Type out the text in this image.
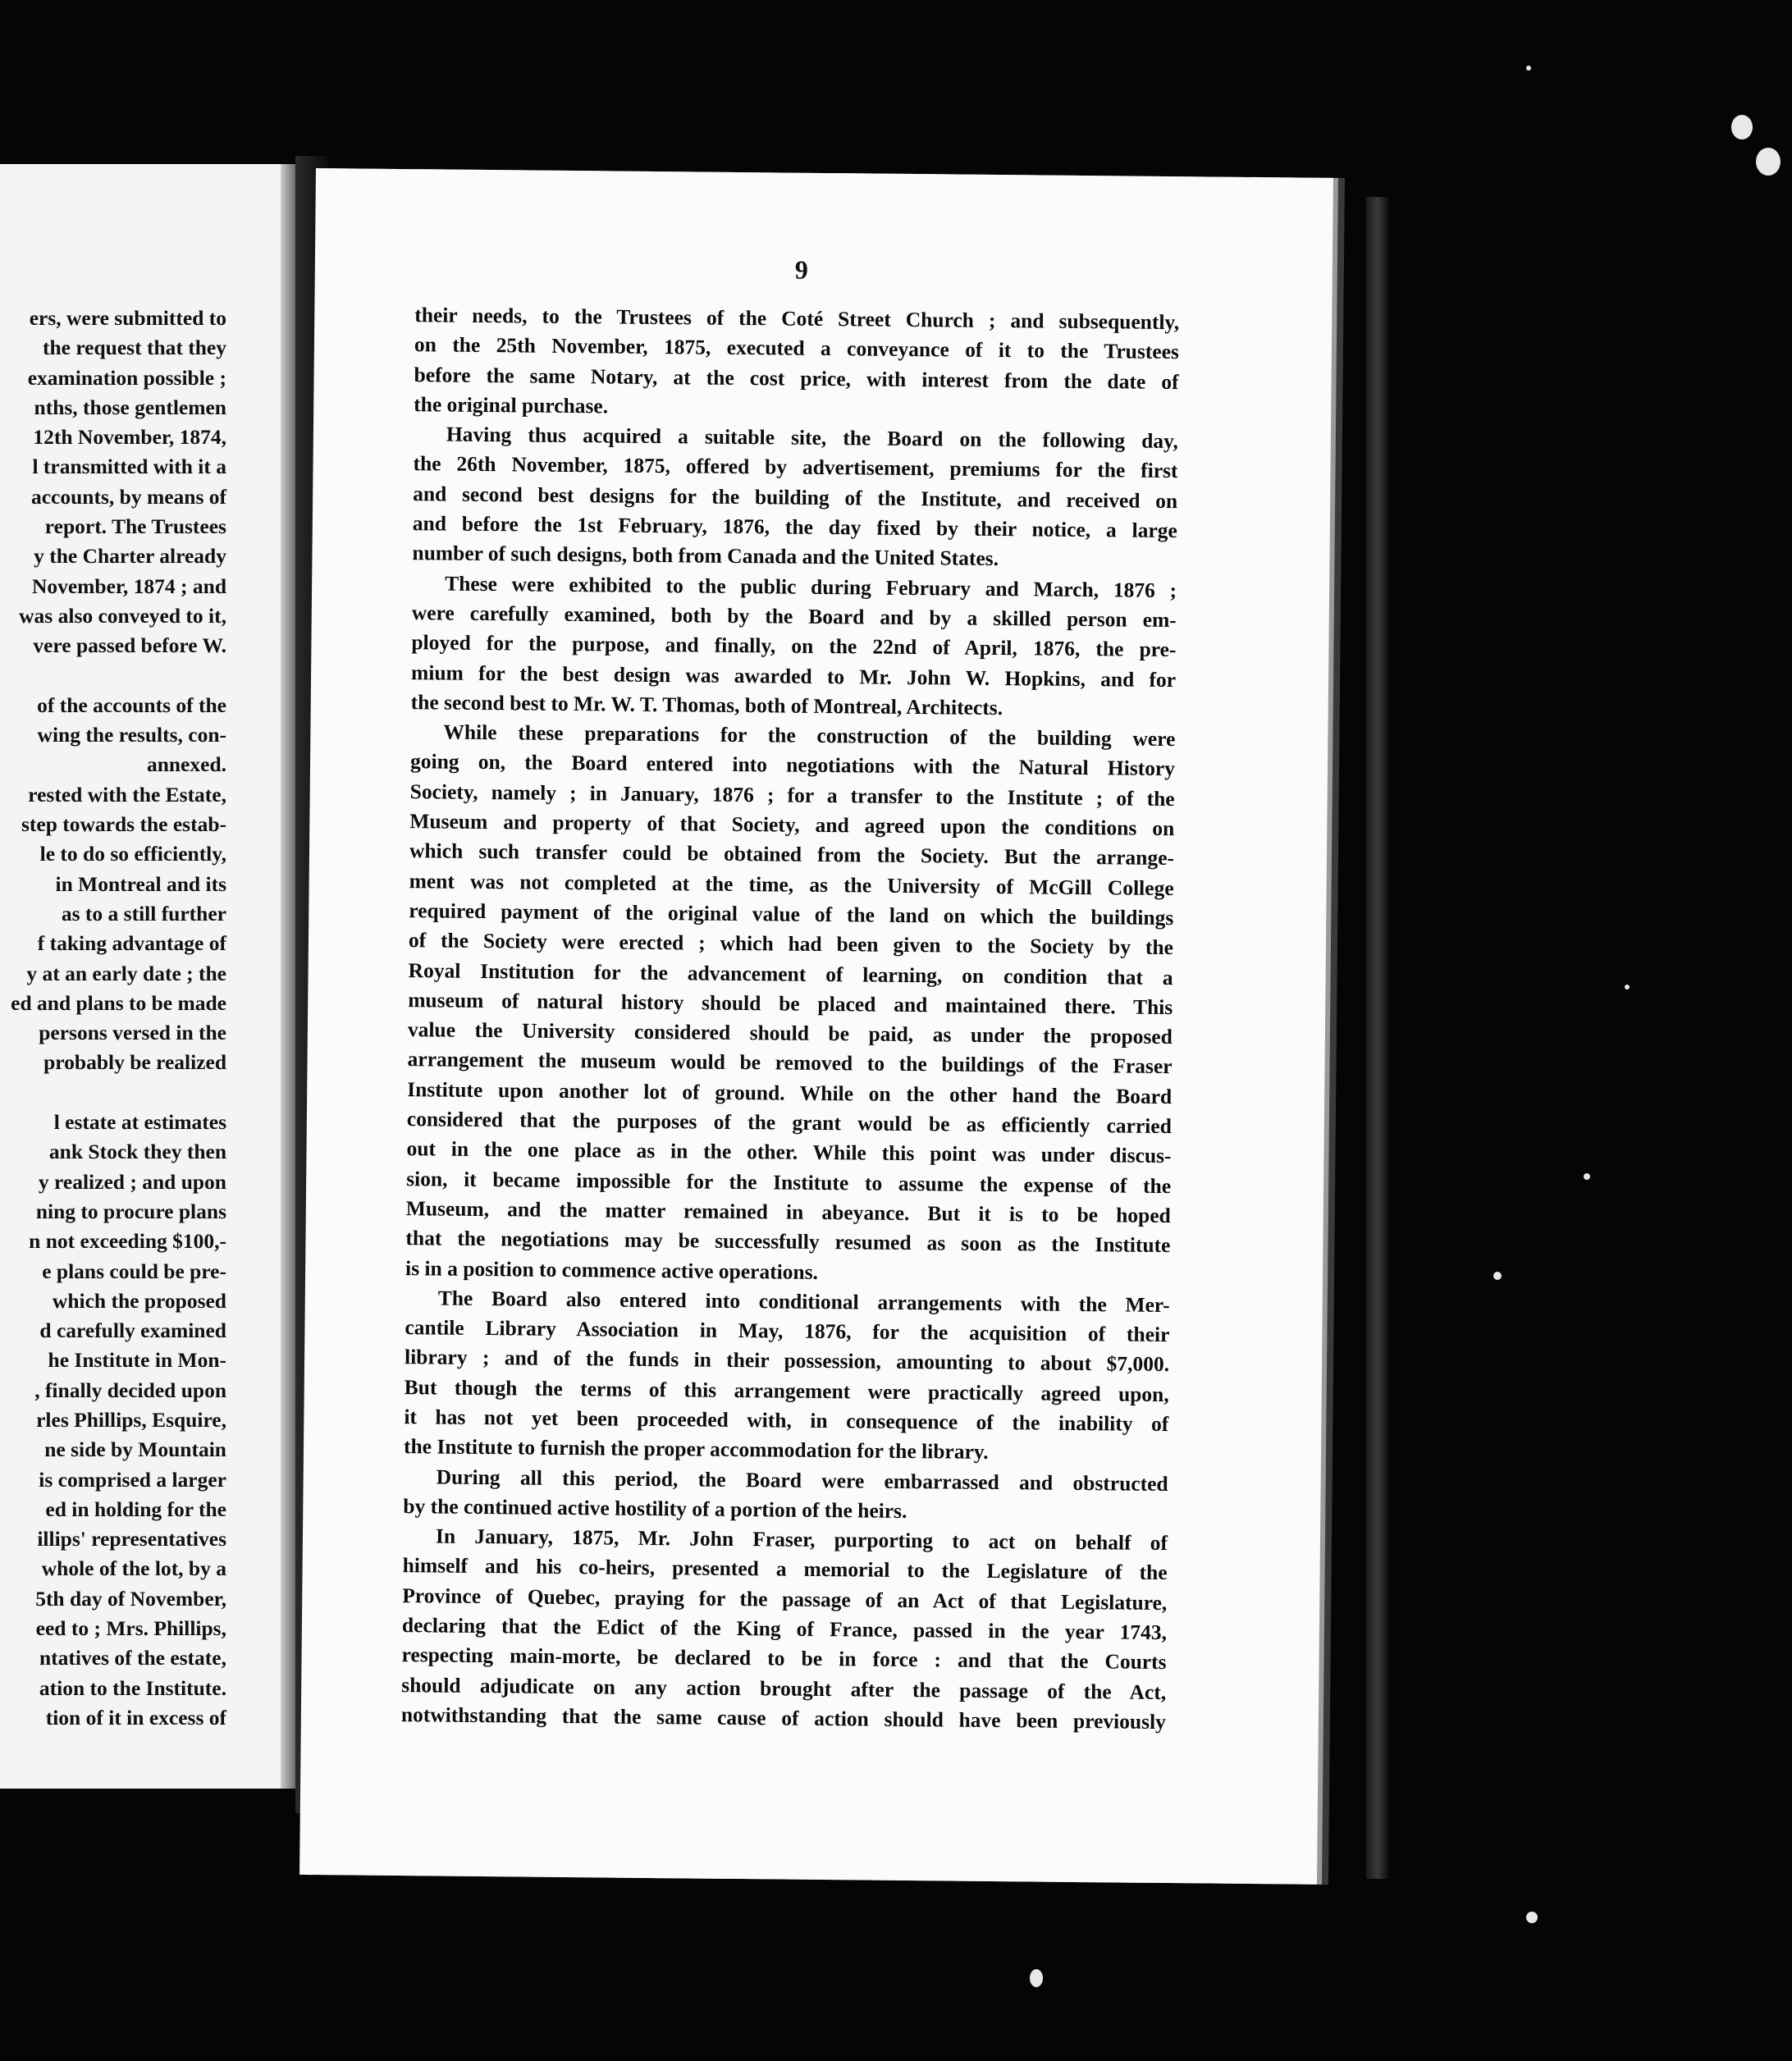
ers, were submitted to
the request that they
examination possible ;
nths, those gentlemen
12th November, 1874,
l transmitted with it a
accounts, by means of
report. The Trustees
y the Charter already
November, 1874 ; and
was also conveyed to it,
vere passed before W.
of the accounts of the
wing the results, con-
annexed.
rested with the Estate,
step towards the estab-
le to do so efficiently,
in Montreal and its
as to a still further
f taking advantage of
y at an early date ; the
ed and plans to be made
persons versed in the
probably be realized
l estate at estimates
ank Stock they then
y realized ; and upon
ning to procure plans
n not exceeding $100,-
e plans could be pre-
which the proposed
d carefully examined
he Institute in Mon-
, finally decided upon
rles Phillips, Esquire,
ne side by Mountain
is comprised a larger
ed in holding for the
illips' representatives
whole of the lot, by a
5th day of November,
eed to ; Mrs. Phillips,
ntatives of the estate,
ation to the Institute.
tion of it in excess of
9
their needs, to the Trustees of the Coté Street Church ; and subsequently,
on the 25th November, 1875, executed a conveyance of it to the Trustees
before the same Notary, at the cost price, with interest from the date of
the original purchase.
Having thus acquired a suitable site, the Board on the following day,
the 26th November, 1875, offered by advertisement, premiums for the first
and second best designs for the building of the Institute, and received on
and before the 1st February, 1876, the day fixed by their notice, a large
number of such designs, both from Canada and the United States.
These were exhibited to the public during February and March, 1876 ;
were carefully examined, both by the Board and by a skilled person em-
ployed for the purpose, and finally, on the 22nd of April, 1876, the pre-
mium for the best design was awarded to Mr. John W. Hopkins, and for
the second best to Mr. W. T. Thomas, both of Montreal, Architects.
While these preparations for the construction of the building were
going on, the Board entered into negotiations with the Natural History
Society, namely ; in January, 1876 ; for a transfer to the Institute ; of the
Museum and property of that Society, and agreed upon the conditions on
which such transfer could be obtained from the Society. But the arrange-
ment was not completed at the time, as the University of McGill College
required payment of the original value of the land on which the buildings
of the Society were erected ; which had been given to the Society by the
Royal Institution for the advancement of learning, on condition that a
museum of natural history should be placed and maintained there. This
value the University considered should be paid, as under the proposed
arrangement the museum would be removed to the buildings of the Fraser
Institute upon another lot of ground. While on the other hand the Board
considered that the purposes of the grant would be as efficiently carried
out in the one place as in the other. While this point was under discus-
sion, it became impossible for the Institute to assume the expense of the
Museum, and the matter remained in abeyance. But it is to be hoped
that the negotiations may be successfully resumed as soon as the Institute
is in a position to commence active operations.
The Board also entered into conditional arrangements with the Mer-
cantile Library Association in May, 1876, for the acquisition of their
library ; and of the funds in their possession, amounting to about $7,000.
But though the terms of this arrangement were practically agreed upon,
it has not yet been proceeded with, in consequence of the inability of
the Institute to furnish the proper accommodation for the library.
During all this period, the Board were embarrassed and obstructed
by the continued active hostility of a portion of the heirs.
In January, 1875, Mr. John Fraser, purporting to act on behalf of
himself and his co-heirs, presented a memorial to the Legislature of the
Province of Quebec, praying for the passage of an Act of that Legislature,
declaring that the Edict of the King of France, passed in the year 1743,
respecting main-morte, be declared to be in force : and that the Courts
should adjudicate on any action brought after the passage of the Act,
notwithstanding that the same cause of action should have been previously
